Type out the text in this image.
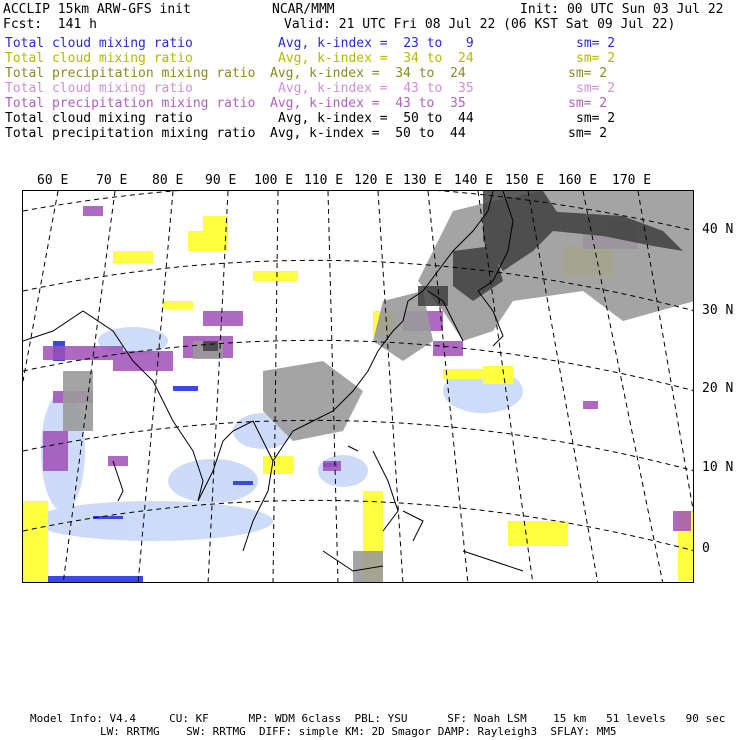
ACCLIP 15km ARW-GFS init	NCAR/MMM	Init: 00 UTC Sun 03 Jul 22
Fcst:  141 h	Valid: 21 UTC Fri 08 Jul 22 (06 KST Sat 09 Jul 22)
Total cloud mixing ratio	Avg, k-index =  23 to   9	sm= 2
Total cloud mixing ratio	Avg, k-index =  34 to  24	sm= 2
Total precipitation mixing ratio Avg, k-index =  34 to  24	sm= 2
Total cloud mixing ratio	Avg, k-index =  43 to  35	sm= 2
Total precipitation mixing ratio Avg, k-index =  43 to  35	sm= 2
Total cloud mixing ratio	Avg, k-index =  50 to  44	sm= 2
Total precipitation mixing ratio Avg, k-index =  50 to  44	sm= 2
60 E 70 E 80 E 90 E 100 E 110 E 120 E 130 E 140 E 150 E 160 E 170 E
40 N
30 N
20 N
10 N
0
Model Info: V4.4     CU: KF      MP: WDM 6class  PBL: YSU      SF: Noah LSM    15 km   51 levels   90 sec
LW: RRTMG    SW: RRTMG  DIFF: simple KM: 2D Smagor DAMP: Rayleigh3  SFLAY: MM5
